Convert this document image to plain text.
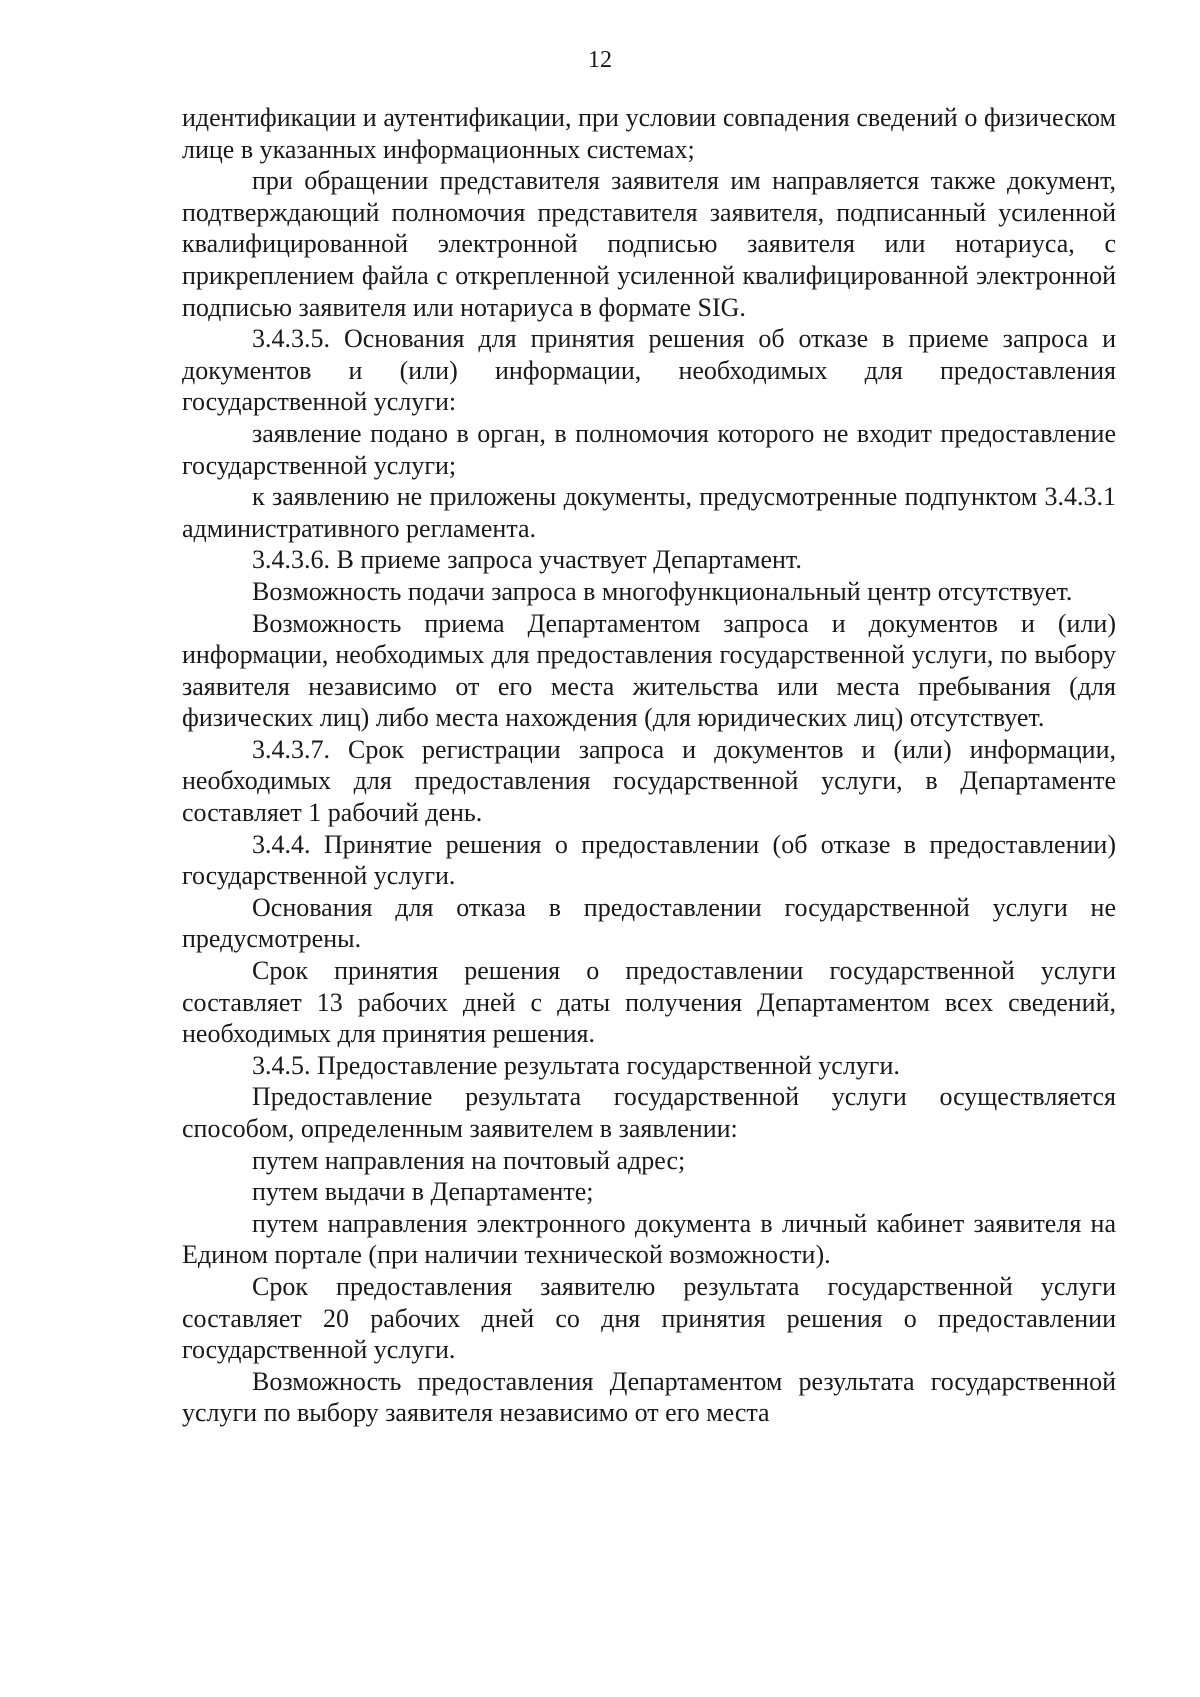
12

идентификации и аутентификации, при условии совпадения сведений о физическом лице в указанных информационных системах;

при обращении представителя заявителя им направляется также документ, подтверждающий полномочия представителя заявителя, подписанный усиленной квалифицированной электронной подписью заявителя или нотариуса, с прикреплением файла с открепленной усиленной квалифицированной электронной подписью заявителя или нотариуса в формате SIG.

3.4.3.5. Основания для принятия решения об отказе в приеме запроса и документов и (или) информации, необходимых для предоставления государственной услуги:

заявление подано в орган, в полномочия которого не входит предоставление государственной услуги;

к заявлению не приложены документы, предусмотренные подпунктом 3.4.3.1 административного регламента.

3.4.3.6. В приеме запроса участвует Департамент.

Возможность подачи запроса в многофункциональный центр отсутствует.

Возможность приема Департаментом запроса и документов и (или) информации, необходимых для предоставления государственной услуги, по выбору заявителя независимо от его места жительства или места пребывания (для физических лиц) либо места нахождения (для юридических лиц) отсутствует.

3.4.3.7. Срок регистрации запроса и документов и (или) информации, необходимых для предоставления государственной услуги, в Департаменте составляет 1 рабочий день.

3.4.4. Принятие решения о предоставлении (об отказе в предоставлении) государственной услуги.

Основания для отказа в предоставлении государственной услуги не предусмотрены.

Срок принятия решения о предоставлении государственной услуги составляет 13 рабочих дней с даты получения Департаментом всех сведений, необходимых для принятия решения.

3.4.5. Предоставление результата государственной услуги.

Предоставление результата государственной услуги осуществляется способом, определенным заявителем в заявлении:

путем направления на почтовый адрес;

путем выдачи в Департаменте;

путем направления электронного документа в личный кабинет заявителя на Едином портале (при наличии технической возможности).

Срок предоставления заявителю результата государственной услуги составляет 20 рабочих дней со дня принятия решения о предоставлении государственной услуги.

Возможность предоставления Департаментом результата государственной услуги по выбору заявителя независимо от его места
